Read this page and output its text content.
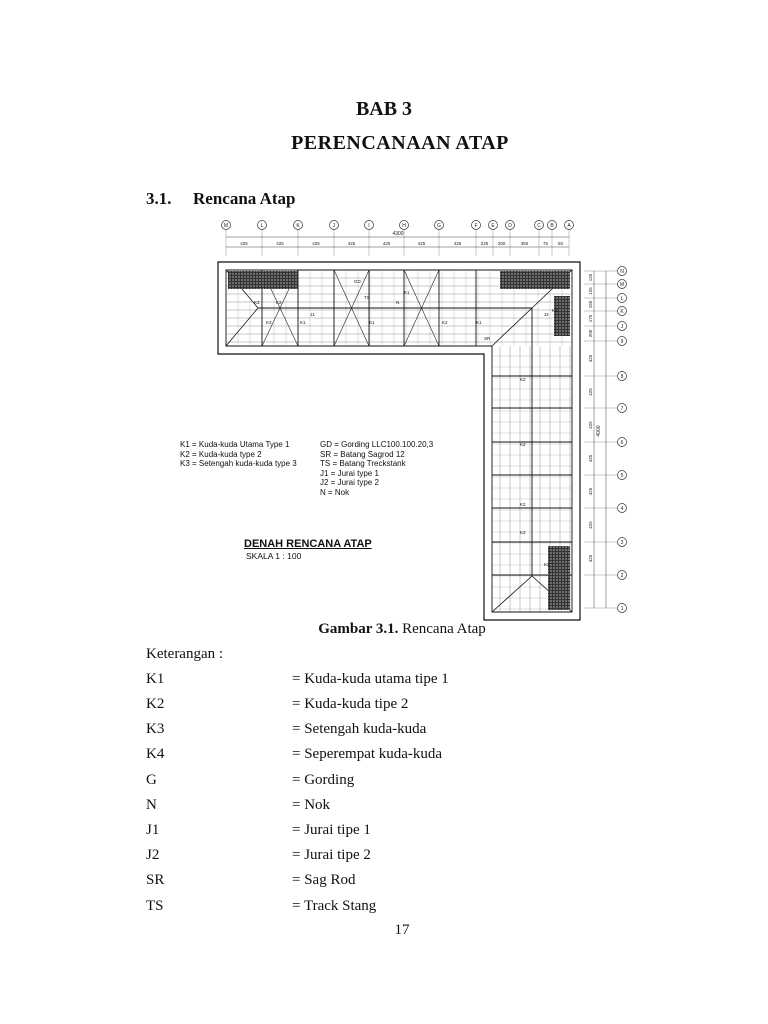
BAB 3
PERENCANAAN ATAP
3.1. Rencana Atap
M	L	K	J	I	H	G	F	E	D	C B	A
4300
425	425	425	425	425	425	425	225 200	350	75 50
N
M
L
K
J
9
8
7
6
5
4
3
2
1
125
125
150
175
200
425
425
425
425
425
425
425
4000
K3	K2
K1	K1	K2	K1
K3
K1
K2
K2
K2
K2
K2
K3
GD
SR
TS
N
J1	J2
K1 = Kuda-kuda Utama Type 1
K2 = Kuda-kuda type 2
K3 = Setengah kuda-kuda type 3
GD = Gording LLC100.100.20,3
SR = Batang Sagrod 12
TS = Batang Treckstank
J1 = Jurai type 1
J2 = Jurai type 2
N = Nok
DENAH RENCANA ATAP
SKALA 1 : 100
Gambar 3.1. Rencana Atap
Keterangan :
K1	= Kuda-kuda utama tipe 1
K2	= Kuda-kuda tipe 2
K3	= Setengah kuda-kuda
K4	= Seperempat kuda-kuda
G	= Gording
N	= Nok
J1	= Jurai tipe 1
J2	= Jurai tipe 2
SR	= Sag Rod
TS	= Track Stang
17
